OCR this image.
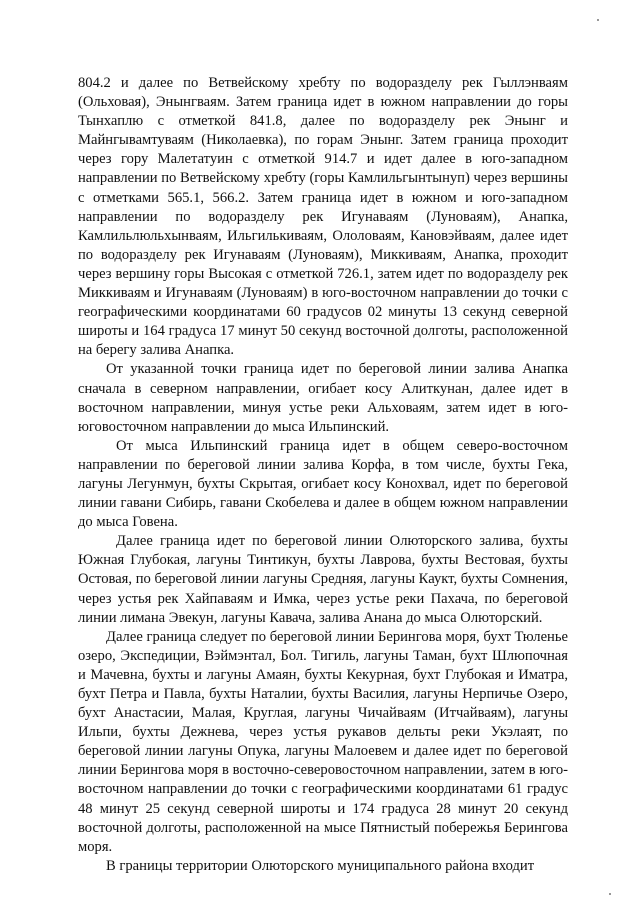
804.2 и далее по Ветвейскому хребту по водоразделу рек Гыллэнваям (Ольховая), Энынгваям. Затем граница идет в южном направлении до горы Тынхаплю с отметкой 841.8, далее по водоразделу рек Энынг и Майнгывамтуваям (Николаевка), по горам Энынг. Затем граница проходит через гору Малетатуин с отметкой 914.7 и идет далее в юго-западном направлении по Ветвейскому хребту (горы Камлильгынтынуп) через вершины с отметками 565.1, 566.2. Затем граница идет в южном и юго-западном направлении по водоразделу рек Игунаваям (Луноваям), Анапка, Камлильлюльхынваям, Ильгилькиваям, Ололоваям, Кановэйваям, далее идет по водоразделу рек Игунаваям (Луноваям), Миккиваям, Анапка, проходит через вершину горы Высокая с отметкой 726.1, затем идет по водоразделу рек Миккиваям и Игунаваям (Луноваям) в юго-восточном направлении до точки с географическими координатами 60 градусов 02 минуты 13 секунд северной широты и 164 градуса 17 минут 50 секунд восточной долготы, расположенной на берегу залива Анапка.

От указанной точки граница идет по береговой линии залива Анапка сначала в северном направлении, огибает косу Алиткунан, далее идет в восточном направлении, минуя устье реки Альховаям, затем идет в юго-юговосточном направлении до мыса Ильпинский.

От мыса Ильпинский граница идет в общем северо-восточном направлении по береговой линии залива Корфа, в том числе, бухты Гека, лагуны Легунмун, бухты Скрытая, огибает косу Конохвал, идет по береговой линии гавани Сибирь, гавани Скобелева и далее в общем южном направлении до мыса Говена.

Далее граница идет по береговой линии Олюторского залива, бухты Южная Глубокая, лагуны Тинтикун, бухты Лаврова, бухты Вестовая, бухты Остовая, по береговой линии лагуны Средняя, лагуны Каукт, бухты Сомнения, через устья рек Хайпаваям и Имка, через устье реки Пахача, по береговой линии лимана Эвекун, лагуны Кавача, залива Анана до мыса Олюторский.

Далее граница следует по береговой линии Берингова моря, бухт Тюленье озеро, Экспедиции, Вэймэнтал, Бол. Тигиль, лагуны Таман, бухт Шлюпочная и Мачевна, бухты и лагуны Амаян, бухты Кекурная, бухт Глубокая и Иматра, бухт Петра и Павла, бухты Наталии, бухты Василия, лагуны Нерпичье Озеро, бухт Анастасии, Малая, Круглая, лагуны Чичайваям (Итчайваям), лагуны Ильпи, бухты Дежнева, через устья рукавов дельты реки Укэлаят, по береговой линии лагуны Опука, лагуны Малоевем и далее идет по береговой линии Берингова моря в восточно-северовосточном направлении, затем в юго-восточном направлении до точки с географическими координатами 61 градус 48 минут 25 секунд северной широты и 174 градуса 28 минут 20 секунд восточной долготы, расположенной на мысе Пятнистый побережья Берингова моря.

В границы территории Олюторского муниципального района входит
